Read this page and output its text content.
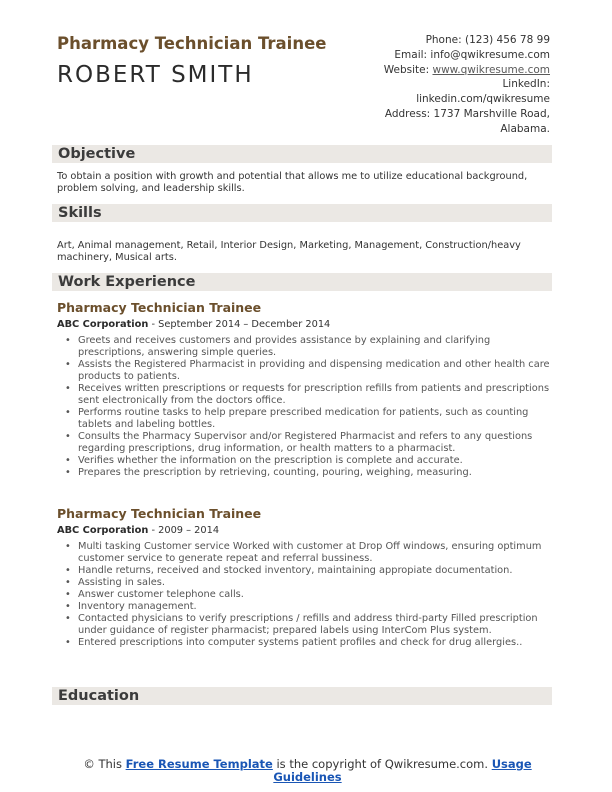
Pharmacy Technician Trainee
ROBERT SMITH
Phone: (123) 456 78 99
Email: info@qwikresume.com
Website: www.qwikresume.com
LinkedIn:
linkedin.com/qwikresume
Address: 1737 Marshville Road,
Alabama.
Objective

To obtain a position with growth and potential that allows me to utilize educational background, problem solving, and leadership skills.

Skills

Art, Animal management, Retail, Interior Design, Marketing, Management, Construction/heavy machinery, Musical arts.

Work Experience
Pharmacy Technician Trainee

ABC Corporation - September 2014 – December 2014

• Greets and receives customers and provides assistance by explaining and clarifying prescriptions, answering simple queries.
• Assists the Registered Pharmacist in providing and dispensing medication and other health care products to patients.
• Receives written prescriptions or requests for prescription refills from patients and prescriptions sent electronically from the doctors office.
• Performs routine tasks to help prepare prescribed medication for patients, such as counting tablets and labeling bottles.
• Consults the Pharmacy Supervisor and/or Registered Pharmacist and refers to any questions regarding prescriptions, drug information, or health matters to a pharmacist.
• Verifies whether the information on the prescription is complete and accurate.
• Prepares the prescription by retrieving, counting, pouring, weighing, measuring.
Pharmacy Technician Trainee

ABC Corporation - 2009 – 2014

• Multi tasking Customer service Worked with customer at Drop Off windows, ensuring optimum customer service to generate repeat and referral bussiness.
• Handle returns, received and stocked inventory, maintaining appropiate documentation.
• Assisting in sales.
• Answer customer telephone calls.
• Inventory management.
• Contacted physicians to verify prescriptions / refills and address third-party Filled prescription under guidance of register pharmacist; prepared labels using InterCom Plus system.
• Entered prescriptions into computer systems patient profiles and check for drug allergies..
Education
© This Free Resume Template is the copyright of Qwikresume.com. Usage Guidelines
